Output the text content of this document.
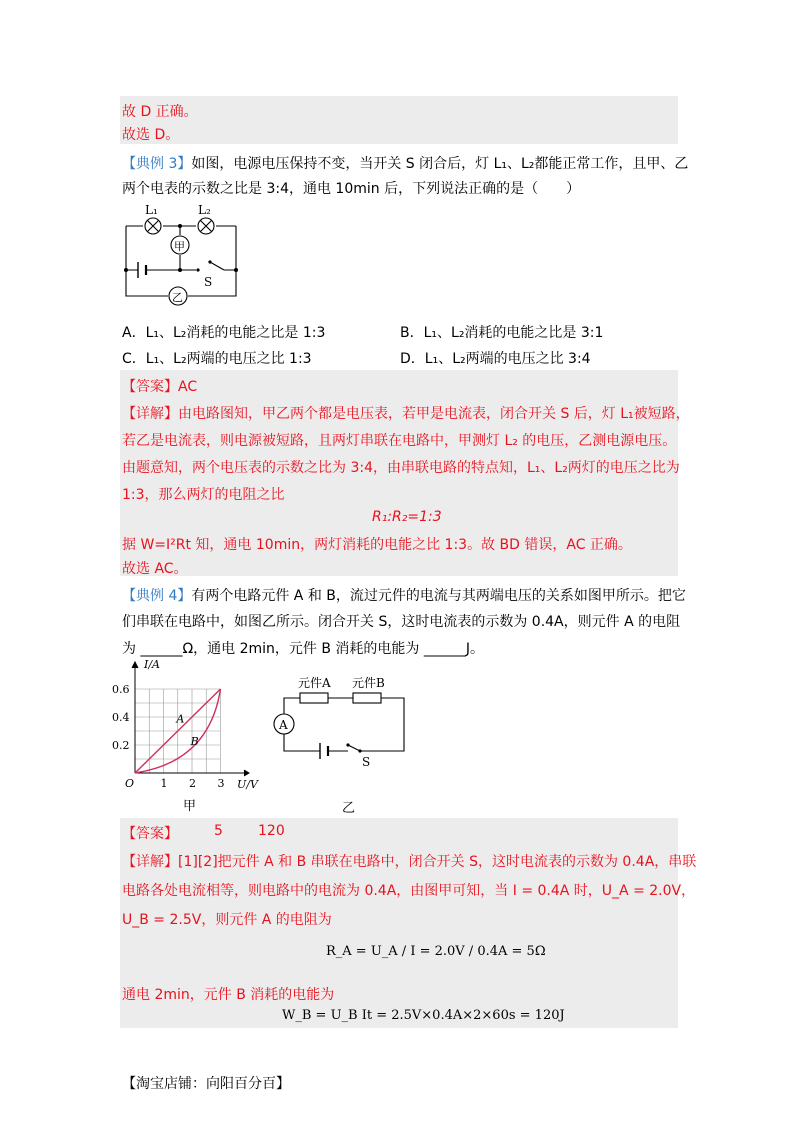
故 D 正确。
故选 D。
【典例 3】如图，电源电压保持不变，当开关 S 闭合后，灯 L₁、L₂都能正常工作，且甲、乙
两个电表的示数之比是 3:4，通电 10min 后，下列说法正确的是（　　）
L₁	L₂
甲
乙
S
A．L₁、L₂消耗的电能之比是 1:3	B．L₁、L₂消耗的电能之比是 3:1
C．L₁、L₂两端的电压之比 1:3	D．L₁、L₂两端的电压之比 3:4
【答案】AC
【详解】由电路图知，甲乙两个都是电压表，若甲是电流表，闭合开关 S 后，灯 L₁被短路，
若乙是电流表，则电源被短路，且两灯串联在电路中，甲测灯 L₂ 的电压，乙测电源电压。
由题意知，两个电压表的示数之比为 3:4，由串联电路的特点知，L₁、L₂两灯的电压之比为
1:3，那么两灯的电阻之比
R₁:R₂=1:3
据 W=I²Rt 知，通电 10min，两灯消耗的电能之比 1:3。故 BD 错误，AC 正确。
故选 AC。
【典例 4】有两个电路元件 A 和 B，流过元件的电流与其两端电压的关系如图甲所示。把它
们串联在电路中，如图乙所示。闭合开关 S，这时电流表的示数为 0.4A，则元件 A 的电阻
为 ______Ω，通电 2min，元件 B 消耗的电能为 ______J。
O 1 2 3
0.2
0.4
0.6
I/A
U/V
A
B
甲
元件A 元件B
A
S
乙
【答案】	5	120
【详解】[1][2]把元件 A 和 B 串联在电路中，闭合开关 S，这时电流表的示数为 0.4A，串联
电路各处电流相等，则电路中的电流为 0.4A，由图甲可知，当 I = 0.4A 时，U_A = 2.0V，
U_B = 2.5V，则元件 A 的电阻为
R_A = U_A / I = 2.0V / 0.4A = 5Ω
通电 2min，元件 B 消耗的电能为
W_B = U_B It = 2.5V×0.4A×2×60s = 120J
【淘宝店铺：向阳百分百】
